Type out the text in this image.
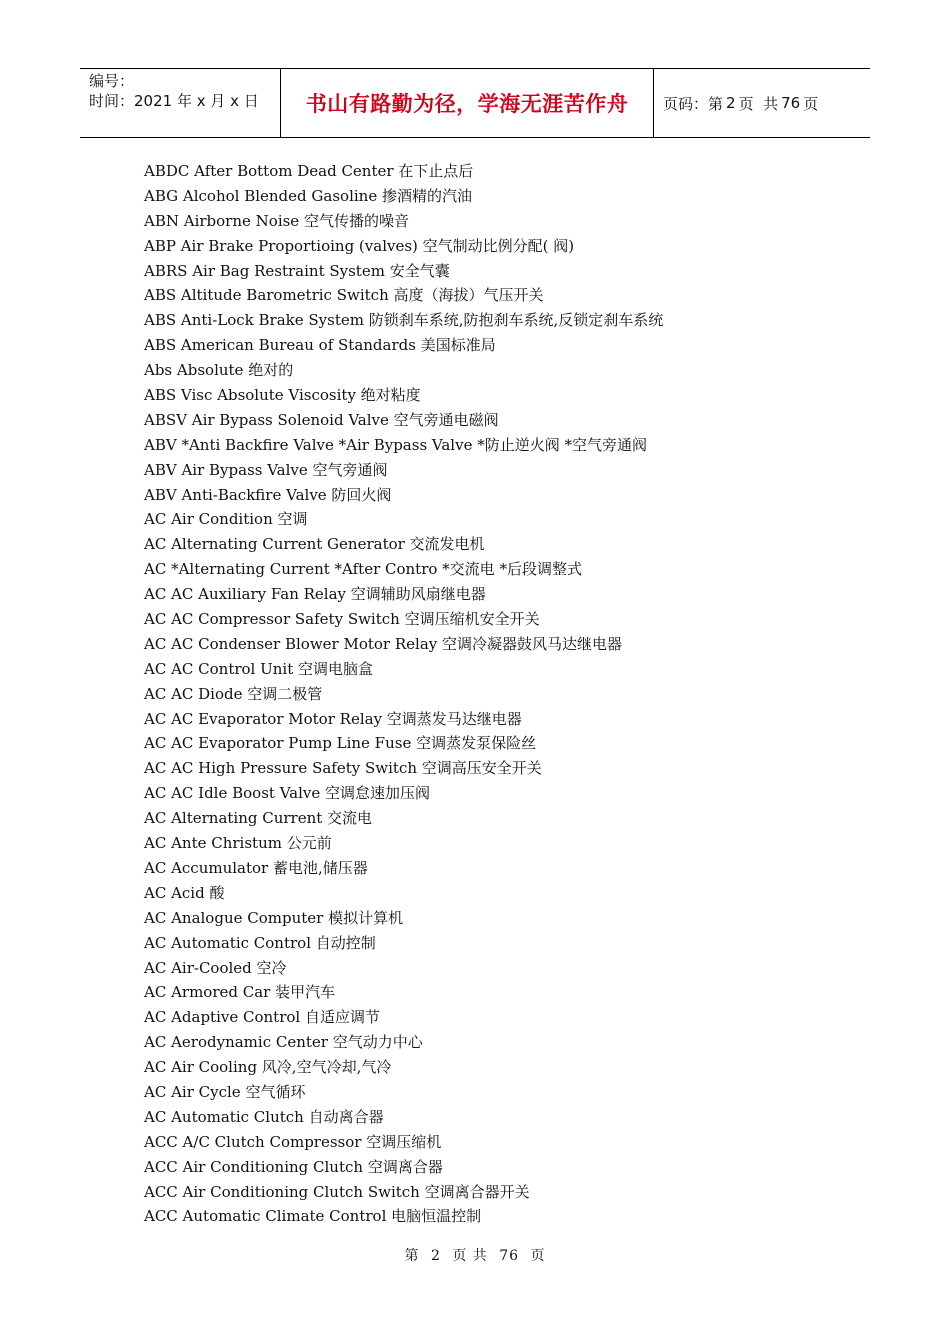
编号：
时间：2021 年 x 月 x 日	书山有路勤为径，学海无涯苦作舟 页码：第 2 页  共 76 页
ABDC After Bottom Dead Center 在下止点后
ABG Alcohol Blended Gasoline 掺酒精的汽油
ABN Airborne Noise 空气传播的噪音
ABP Air Brake Proportioing (valves) 空气制动比例分配( 阀)
ABRS Air Bag Restraint System 安全气囊
ABS Altitude Barometric Switch 高度（海拔）气压开关
ABS Anti-Lock Brake System 防锁刹车系统,防抱刹车系统,反锁定刹车系统
ABS American Bureau of Standards 美国标准局
Abs Absolute 绝对的
ABS Visc Absolute Viscosity 绝对粘度
ABSV Air Bypass Solenoid Valve 空气旁通电磁阀
ABV *Anti Backfire Valve *Air Bypass Valve *防止逆火阀 *空气旁通阀
ABV Air Bypass Valve 空气旁通阀
ABV Anti-Backfire Valve 防回火阀
AC Air Condition 空调
AC Alternating Current Generator 交流发电机
AC *Alternating Current *After Contro *交流电 *后段调整式
AC AC Auxiliary Fan Relay 空调辅助风扇继电器
AC AC Compressor Safety Switch 空调压缩机安全开关
AC AC Condenser Blower Motor Relay 空调冷凝器鼓风马达继电器
AC AC Control Unit 空调电脑盒
AC AC Diode 空调二极管
AC AC Evaporator Motor Relay 空调蒸发马达继电器
AC AC Evaporator Pump Line Fuse 空调蒸发泵保险丝
AC AC High Pressure Safety Switch 空调高压安全开关
AC AC Idle Boost Valve 空调怠速加压阀
AC Alternating Current 交流电
AC Ante Christum 公元前
AC Accumulator 蓄电池,储压器
AC Acid 酸
AC Analogue Computer 模拟计算机
AC Automatic Control 自动控制
AC Air-Cooled 空冷
AC Armored Car 装甲汽车
AC Adaptive Control 自适应调节
AC Aerodynamic Center 空气动力中心
AC Air Cooling 风冷,空气冷却,气冷
AC Air Cycle 空气循环
AC Automatic Clutch 自动离合器
ACC A/C Clutch Compressor 空调压缩机
ACC Air Conditioning Clutch 空调离合器
ACC Air Conditioning Clutch Switch 空调离合器开关
ACC Automatic Climate Control 电脑恒温控制
第 2 页 共 76 页
